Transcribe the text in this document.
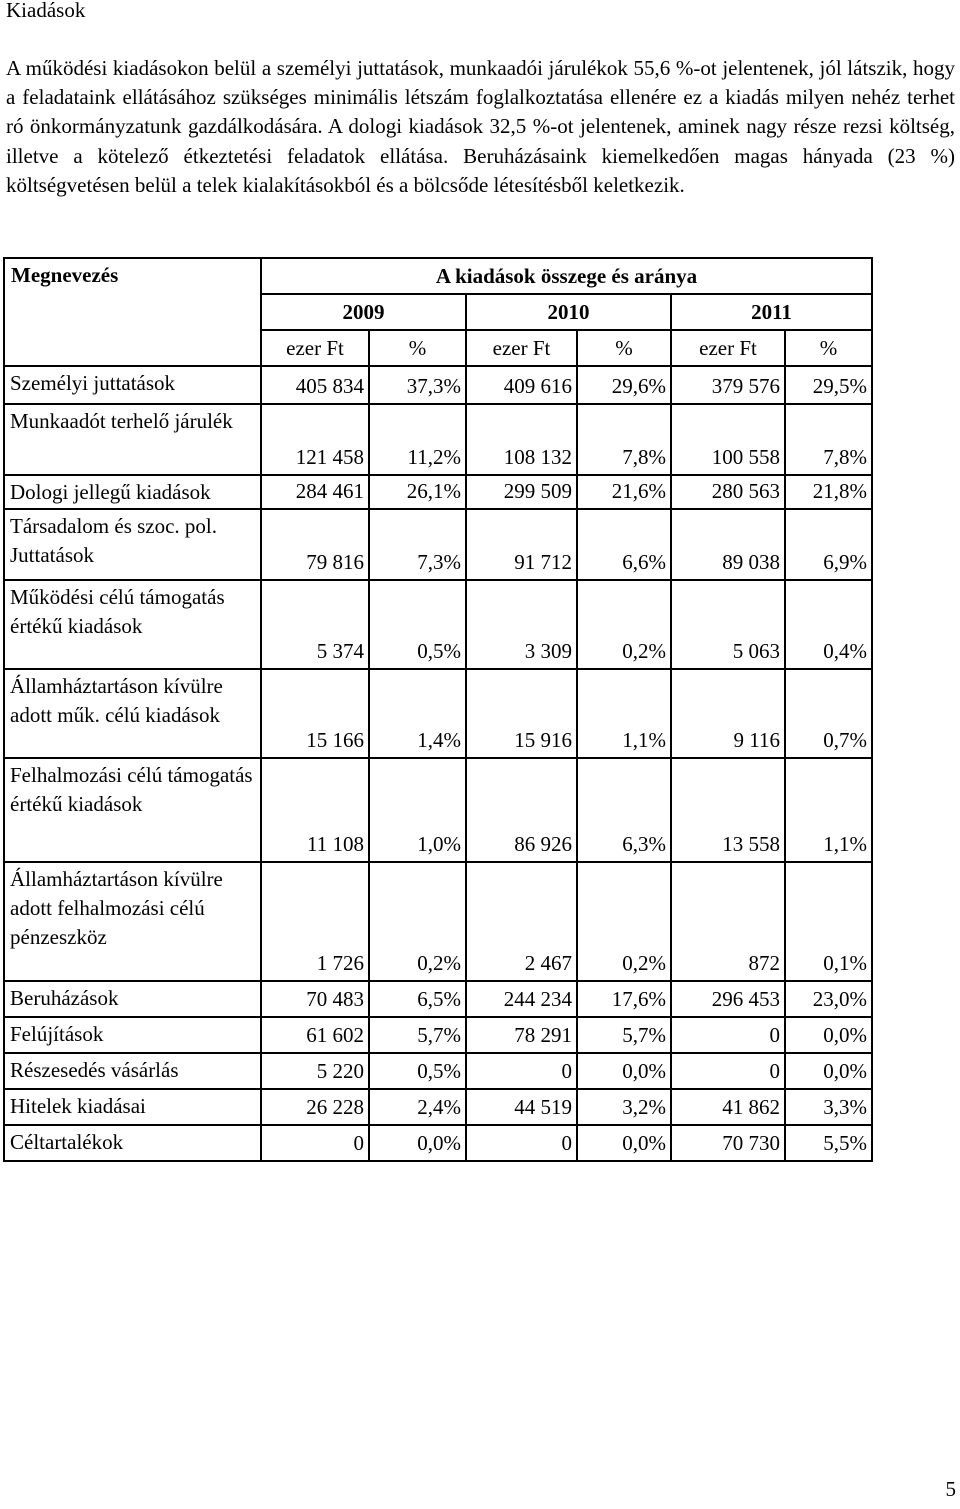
Kiadások

A működési kiadásokon belül a személyi juttatások, munkaadói járulékok 55,6 %-ot jelentenek, jól látszik, hogy a feladataink ellátásához szükséges minimális létszám foglalkoztatása ellenére ez a kiadás milyen nehéz terhet ró önkormányzatunk gazdálkodására. A dologi kiadások 32,5 %-ot jelentenek, aminek nagy része rezsi költség, illetve a kötelező étkeztetési feladatok ellátása. Beruházásaink kiemelkedően magas hányada (23 %) költségvetésen belül a telek kialakításokból és a bölcsőde létesítésből keletkezik.

Megnevezés	A kiadások összege és aránya					
	2009		2010		2011	
	ezer Ft	%	ezer Ft	%	ezer Ft	%
Személyi juttatások	405 834	37,3%	409 616	29,6%	379 576	29,5%
Munkaadót terhelő járulék	121 458	11,2%	108 132	7,8%	100 558	7,8%
Dologi jellegű kiadások	284 461	26,1%	299 509	21,6%	280 563	21,8%
Társadalom és szoc. pol. Juttatások	79 816	7,3%	91 712	6,6%	89 038	6,9%
Működési célú támogatás értékű kiadások	5 374	0,5%	3 309	0,2%	5 063	0,4%
Államháztartáson kívülre adott műk. célú kiadások	15 166	1,4%	15 916	1,1%	9 116	0,7%
Felhalmozási célú támogatás értékű kiadások	11 108	1,0%	86 926	6,3%	13 558	1,1%
Államháztartáson kívülre adott felhalmozási célú pénzeszköz	1 726	0,2%	2 467	0,2%	872	0,1%
Beruházások	70 483	6,5%	244 234	17,6%	296 453	23,0%
Felújítások	61 602	5,7%	78 291	5,7%	0	0,0%
Részesedés vásárlás	5 220	0,5%	0	0,0%	0	0,0%
Hitelek kiadásai	26 228	2,4%	44 519	3,2%	41 862	3,3%
Céltartalékok	0	0,0%	0	0,0%	70 730	5,5%
5
